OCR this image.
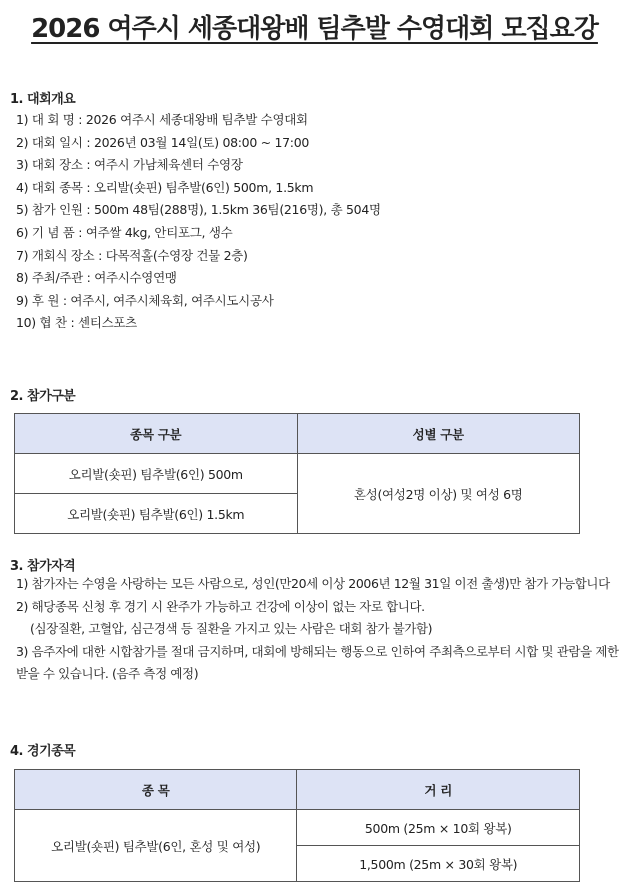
2026 여주시 세종대왕배 팀추발 수영대회 모집요강
1. 대회개요
1) 대 회 명 : 2026 여주시 세종대왕배 팀추발 수영대회
2) 대회 일시 : 2026년 03월 14일(토) 08:00 ~ 17:00
3) 대회 장소 : 여주시 가남체육센터 수영장
4) 대회 종목 : 오리발(숏핀) 팀추발(6인) 500m, 1.5km
5) 참가 인원 : 500m 48팀(288명), 1.5km 36팀(216명), 총 504명
6) 기 념 품 : 여주쌀 4kg, 안티포그, 생수
7) 개회식 장소 : 다목적홀(수영장 건물 2층)
8) 주최/주관 : 여주시수영연맹
9) 후 원 : 여주시, 여주시체육회, 여주시도시공사
10) 협 찬 : 센티스포츠
2. 참가구분
종목 구분	성별 구분
오리발(숏핀) 팀추발(6인) 500m	혼성(여성2명 이상) 및 여성 6명
오리발(숏핀) 팀추발(6인) 1.5km	
3. 참가자격
1) 참가자는 수영을 사랑하는 모든 사람으로, 성인(만20세 이상 2006년 12월 31일 이전 출생)만 참가 가능합니다
2) 해당종목 신청 후 경기 시 완주가 가능하고 건강에 이상이 없는 자로 합니다.
(심장질환, 고혈압, 심근경색 등 질환을 가지고 있는 사람은 대회 참가 불가함)
3) 음주자에 대한 시합참가를 절대 금지하며, 대회에 방해되는 행동으로 인하여 주최측으로부터 시합 및 관람을 제한 받을 수 있습니다. (음주 측정 예정)
4. 경기종목
종 목	거 리
오리발(숏핀) 팀추발(6인, 혼성 및 여성)	500m (25m × 10회 왕복)
	1,500m (25m × 30회 왕복)
